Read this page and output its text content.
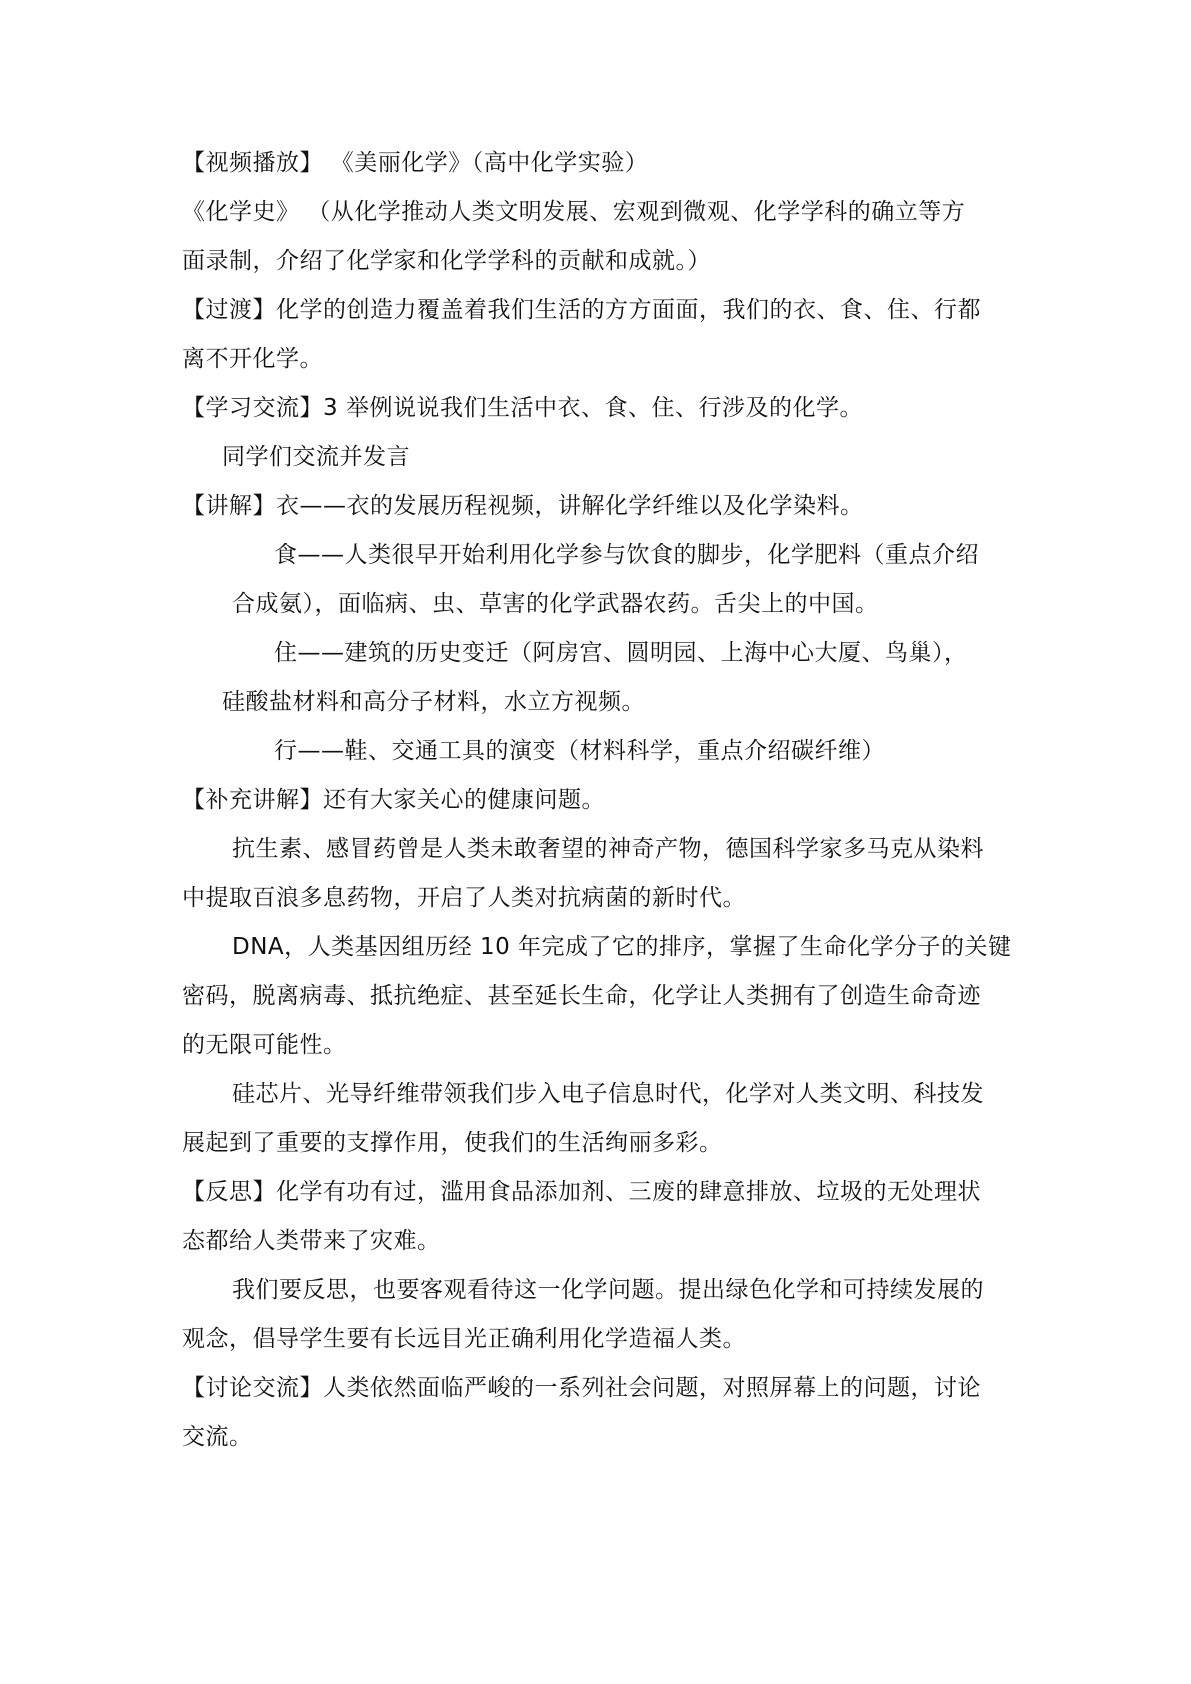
【视频播放】 《美丽化学》（高中化学实验）
《化学史》 （从化学推动人类文明发展、宏观到微观、化学学科的确立等方
面录制，介绍了化学家和化学学科的贡献和成就。）
【过渡】化学的创造力覆盖着我们生活的方方面面，我们的衣、食、住、行都
离不开化学。
【学习交流】3 举例说说我们生活中衣、食、住、行涉及的化学。
同学们交流并发言
【讲解】衣——衣的发展历程视频，讲解化学纤维以及化学染料。
食——人类很早开始利用化学参与饮食的脚步，化学肥料（重点介绍
合成氨），面临病、虫、草害的化学武器农药。舌尖上的中国。
住——建筑的历史变迁（阿房宫、圆明园、上海中心大厦、鸟巢），
硅酸盐材料和高分子材料，水立方视频。
行——鞋、交通工具的演变（材料科学，重点介绍碳纤维）
【补充讲解】还有大家关心的健康问题。
抗生素、感冒药曾是人类未敢奢望的神奇产物，德国科学家多马克从染料
中提取百浪多息药物，开启了人类对抗病菌的新时代。
DNA，人类基因组历经 10 年完成了它的排序，掌握了生命化学分子的关键
密码，脱离病毒、抵抗绝症、甚至延长生命，化学让人类拥有了创造生命奇迹
的无限可能性。
硅芯片、光导纤维带领我们步入电子信息时代，化学对人类文明、科技发
展起到了重要的支撑作用，使我们的生活绚丽多彩。
【反思】化学有功有过，滥用食品添加剂、三废的肆意排放、垃圾的无处理状
态都给人类带来了灾难。
我们要反思，也要客观看待这一化学问题。提出绿色化学和可持续发展的
观念，倡导学生要有长远目光正确利用化学造福人类。
【讨论交流】人类依然面临严峻的一系列社会问题，对照屏幕上的问题，讨论
交流。
